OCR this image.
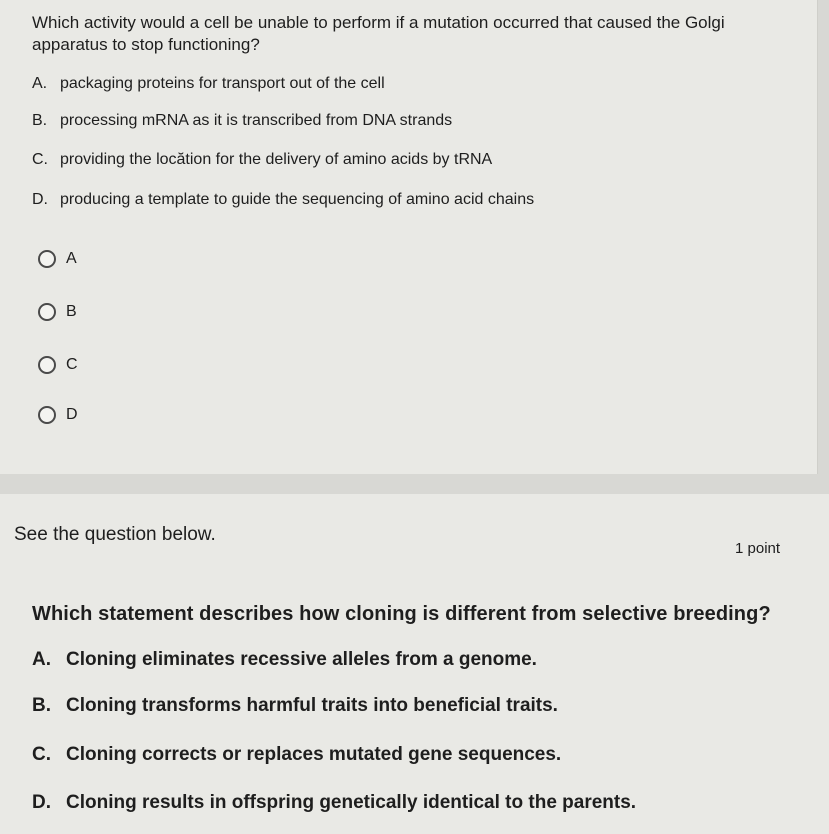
Which activity would a cell be unable to perform if a mutation occurred that caused the Golgi apparatus to stop functioning?
A. packaging proteins for transport out of the cell
B. processing mRNA as it is transcribed from DNA strands
C. providing the locătion for the delivery of amino acids by tRNA
D. producing a template to guide the sequencing of amino acid chains
A
B
C
D
See the question below.
1 point
Which statement describes how cloning is different from selective breeding?
A. Cloning eliminates recessive alleles from a genome.
B. Cloning transforms harmful traits into beneficial traits.
C. Cloning corrects or replaces mutated gene sequences.
D. Cloning results in offspring genetically identical to the parents.
